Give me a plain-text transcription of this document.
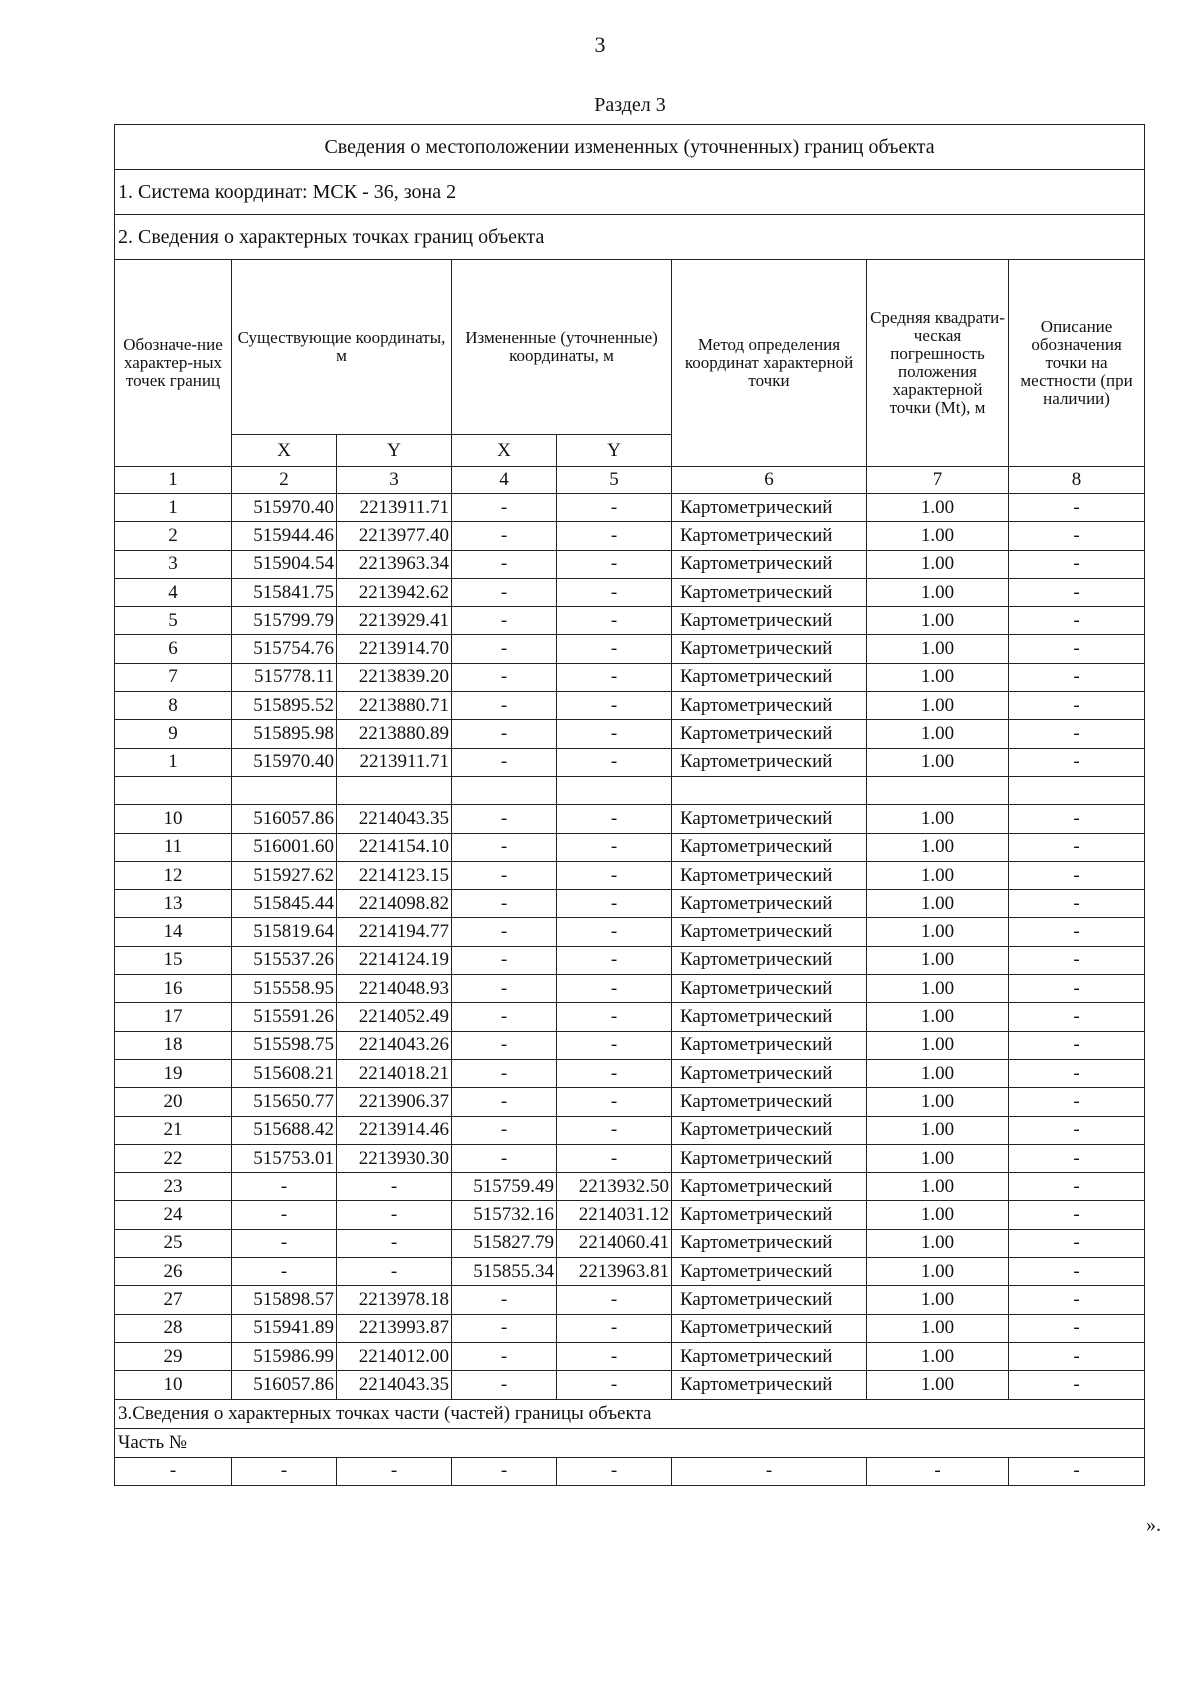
3
Раздел 3
Сведения о местоположении измененных (уточненных) границ объекта							
1. Система координат: МСК - 36, зона 2							
2. Сведения о характерных точках границ объекта							
Обозначе-ние характер-ных точек границ	Существующие координаты, м		Измененные (уточненные) координаты, м		Метод определения координат характерной точки	Средняя квадрати-ческая погрешность положения характерной точки (Mt), м	Описание обозначения точки на местности (при наличии)
	X	Y	X	Y			
1	2	3	4	5	6	7	8
1	515970.40	2213911.71	-	-	Картометрический	1.00	-
2	515944.46	2213977.40	-	-	Картометрический	1.00	-
3	515904.54	2213963.34	-	-	Картометрический	1.00	-
4	515841.75	2213942.62	-	-	Картометрический	1.00	-
5	515799.79	2213929.41	-	-	Картометрический	1.00	-
6	515754.76	2213914.70	-	-	Картометрический	1.00	-
7	515778.11	2213839.20	-	-	Картометрический	1.00	-
8	515895.52	2213880.71	-	-	Картометрический	1.00	-
9	515895.98	2213880.89	-	-	Картометрический	1.00	-
1	515970.40	2213911.71	-	-	Картометрический	1.00	-

10	516057.86	2214043.35	-	-	Картометрический	1.00	-
11	516001.60	2214154.10	-	-	Картометрический	1.00	-
12	515927.62	2214123.15	-	-	Картометрический	1.00	-
13	515845.44	2214098.82	-	-	Картометрический	1.00	-
14	515819.64	2214194.77	-	-	Картометрический	1.00	-
15	515537.26	2214124.19	-	-	Картометрический	1.00	-
16	515558.95	2214048.93	-	-	Картометрический	1.00	-
17	515591.26	2214052.49	-	-	Картометрический	1.00	-
18	515598.75	2214043.26	-	-	Картометрический	1.00	-
19	515608.21	2214018.21	-	-	Картометрический	1.00	-
20	515650.77	2213906.37	-	-	Картометрический	1.00	-
21	515688.42	2213914.46	-	-	Картометрический	1.00	-
22	515753.01	2213930.30	-	-	Картометрический	1.00	-
23	-	-	515759.49	2213932.50	Картометрический	1.00	-
24	-	-	515732.16	2214031.12	Картометрический	1.00	-
25	-	-	515827.79	2214060.41	Картометрический	1.00	-
26	-	-	515855.34	2213963.81	Картометрический	1.00	-
27	515898.57	2213978.18	-	-	Картометрический	1.00	-
28	515941.89	2213993.87	-	-	Картометрический	1.00	-
29	515986.99	2214012.00	-	-	Картометрический	1.00	-
10	516057.86	2214043.35	-	-	Картометрический	1.00	-
3.Сведения о характерных точках части (частей) границы объекта							
Часть №							
-	-	-	-	-	-	-	-
».
